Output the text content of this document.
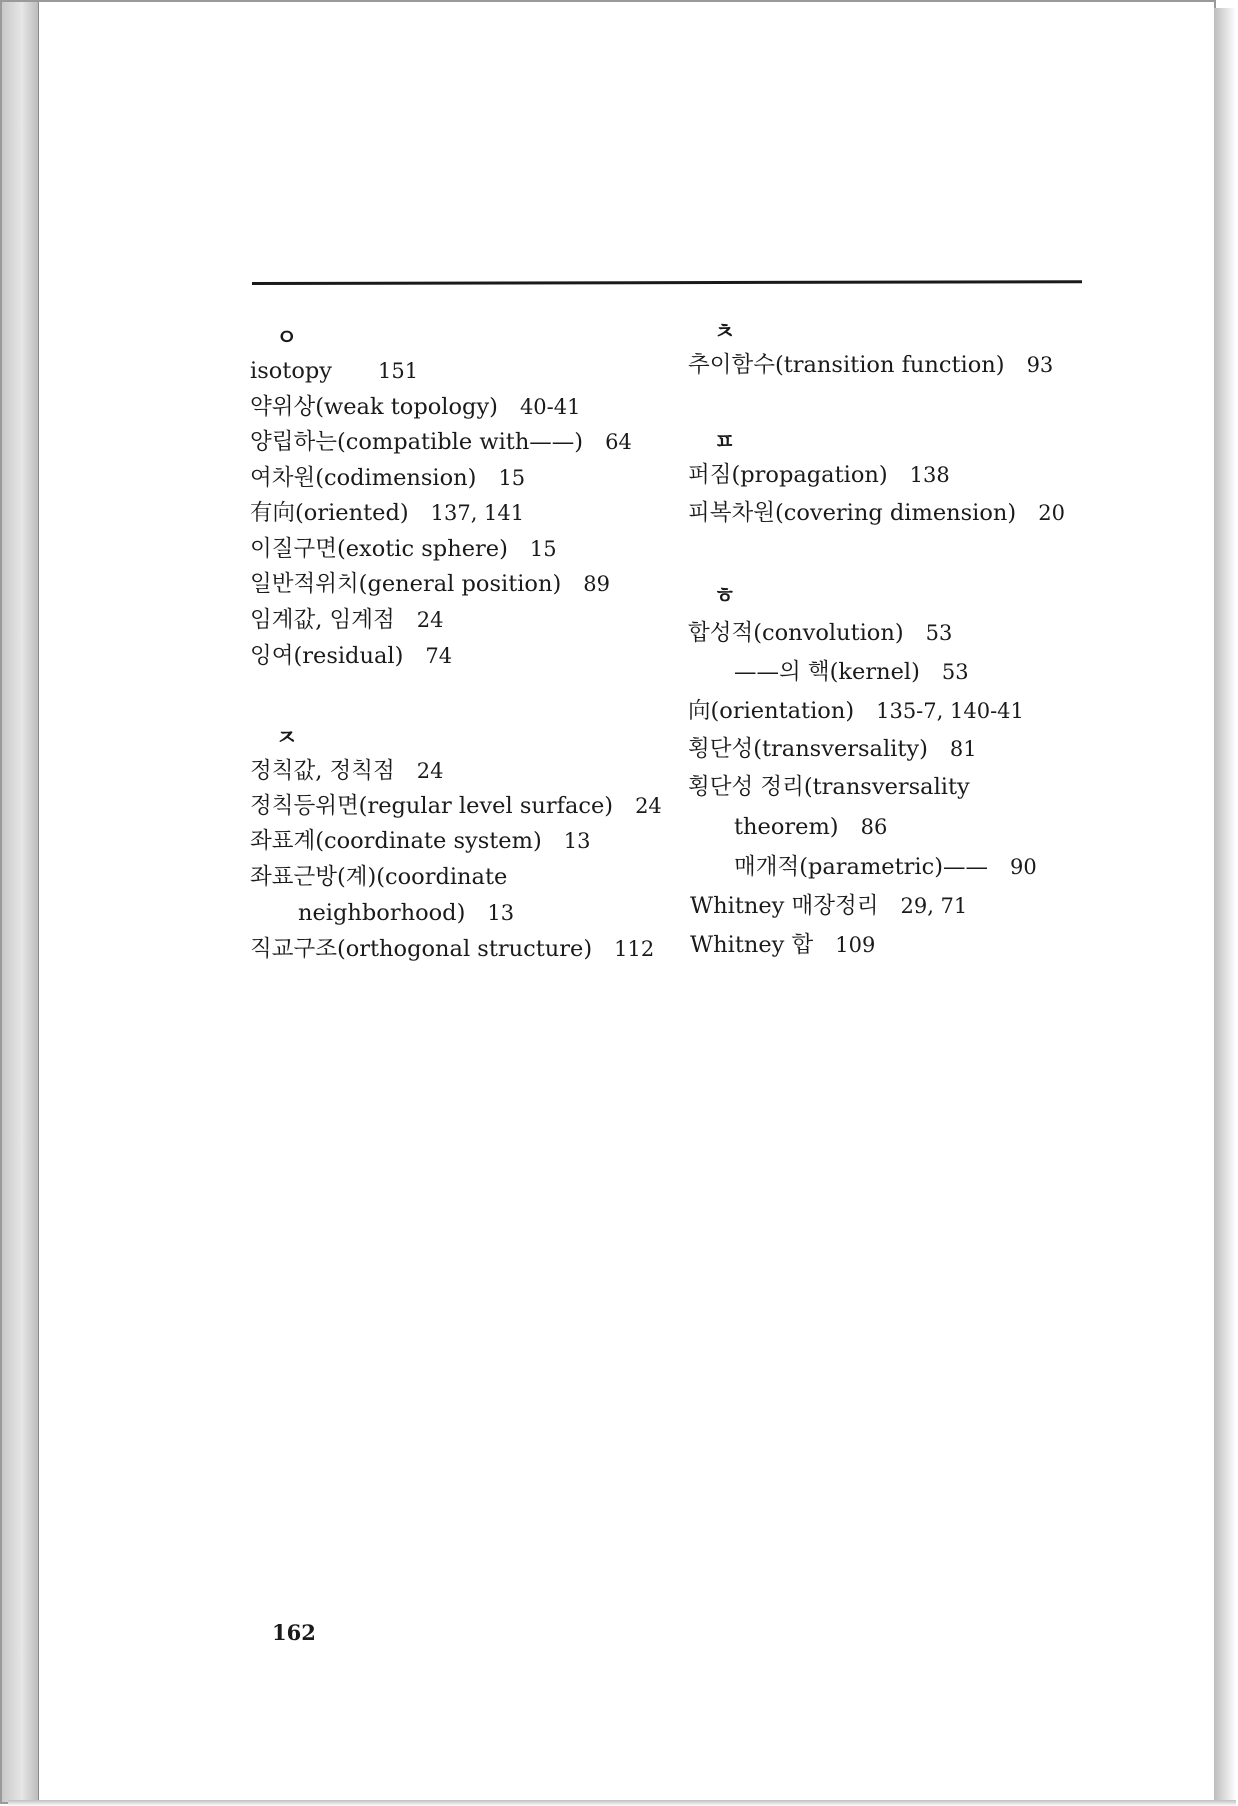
ㅇ
isotopy 151
약위상(weak topology) 40-41
양립하는(compatible with——) 64
여차원(codimension) 15
有向(oriented) 137, 141
이질구면(exotic sphere) 15
일반적위치(general position) 89
임계값, 임계점 24
잉여(residual) 74
ㅈ
정칙값, 정칙점 24
정칙등위면(regular level surface) 24
좌표계(coordinate system) 13
좌표근방(계)(coordinate
neighborhood) 13
직교구조(orthogonal structure) 112
ㅊ
추이함수(transition function) 93
ㅍ
퍼짐(propagation) 138
피복차원(covering dimension) 20
ㅎ
합성적(convolution) 53
——의 핵(kernel) 53
向(orientation) 135-7, 140-41
횡단성(transversality) 81
횡단성 정리(transversality
theorem) 86
매개적(parametric)—— 90
Whitney 매장정리 29, 71
Whitney 합 109
162
